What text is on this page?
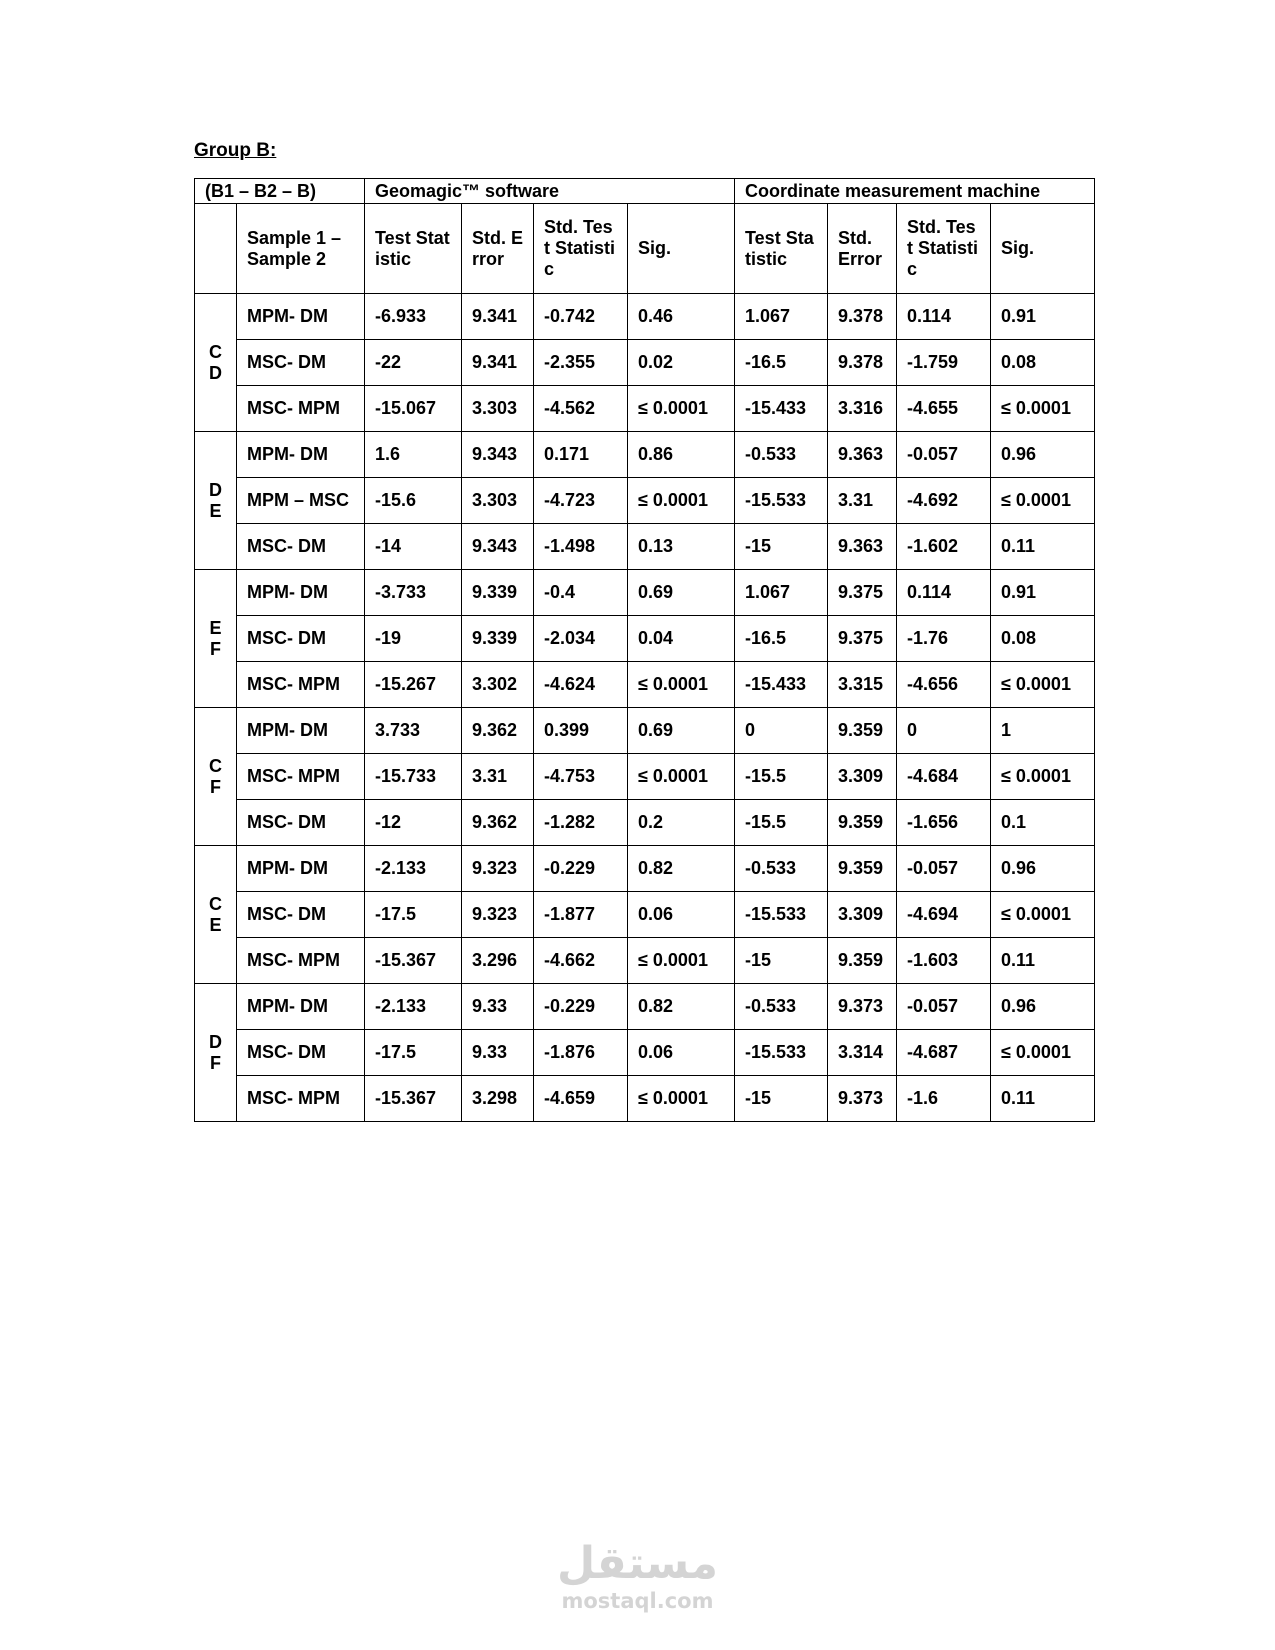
Group B:
(B1 – B2 – B)		Geomagic™ software				Coordinate measurement machine			
	Sample 1 – Sample 2	Test Statistic	Std. Error	Std. Test Statistic	Sig.	Test Statistic	Std. Error	Std. Test Statistic	Sig.

C
D	MPM- DM	-6.933	9.341	-0.742	0.46	1.067	9.378	0.114	0.91
	MSC- DM	-22	9.341	-2.355	0.02	-16.5	9.378	-1.759	0.08
	MSC- MPM	-15.067	3.303	-4.562	≤ 0.0001	-15.433	3.316	-4.655	≤ 0.0001

D
E	MPM- DM	1.6	9.343	0.171	0.86	-0.533	9.363	-0.057	0.96
	MPM – MSC	-15.6	3.303	-4.723	≤ 0.0001	-15.533	3.31	-4.692	≤ 0.0001
	MSC- DM	-14	9.343	-1.498	0.13	-15	9.363	-1.602	0.11

E
F	MPM- DM	-3.733	9.339	-0.4	0.69	1.067	9.375	0.114	0.91
	MSC- DM	-19	9.339	-2.034	0.04	-16.5	9.375	-1.76	0.08
	MSC- MPM	-15.267	3.302	-4.624	≤ 0.0001	-15.433	3.315	-4.656	≤ 0.0001

C
F	MPM- DM	3.733	9.362	0.399	0.69	0	9.359	0	1
	MSC- MPM	-15.733	3.31	-4.753	≤ 0.0001	-15.5	3.309	-4.684	≤ 0.0001
	MSC- DM	-12	9.362	-1.282	0.2	-15.5	9.359	-1.656	0.1

C
E	MPM- DM	-2.133	9.323	-0.229	0.82	-0.533	9.359	-0.057	0.96
	MSC- DM	-17.5	9.323	-1.877	0.06	-15.533	3.309	-4.694	≤ 0.0001
	MSC- MPM	-15.367	3.296	-4.662	≤ 0.0001	-15	9.359	-1.603	0.11

D
F	MPM- DM	-2.133	9.33	-0.229	0.82	-0.533	9.373	-0.057	0.96
	MSC- DM	-17.5	9.33	-1.876	0.06	-15.533	3.314	-4.687	≤ 0.0001
	MSC- MPM	-15.367	3.298	-4.659	≤ 0.0001	-15	9.373	-1.6	0.11
مستقل
mostaql.com
